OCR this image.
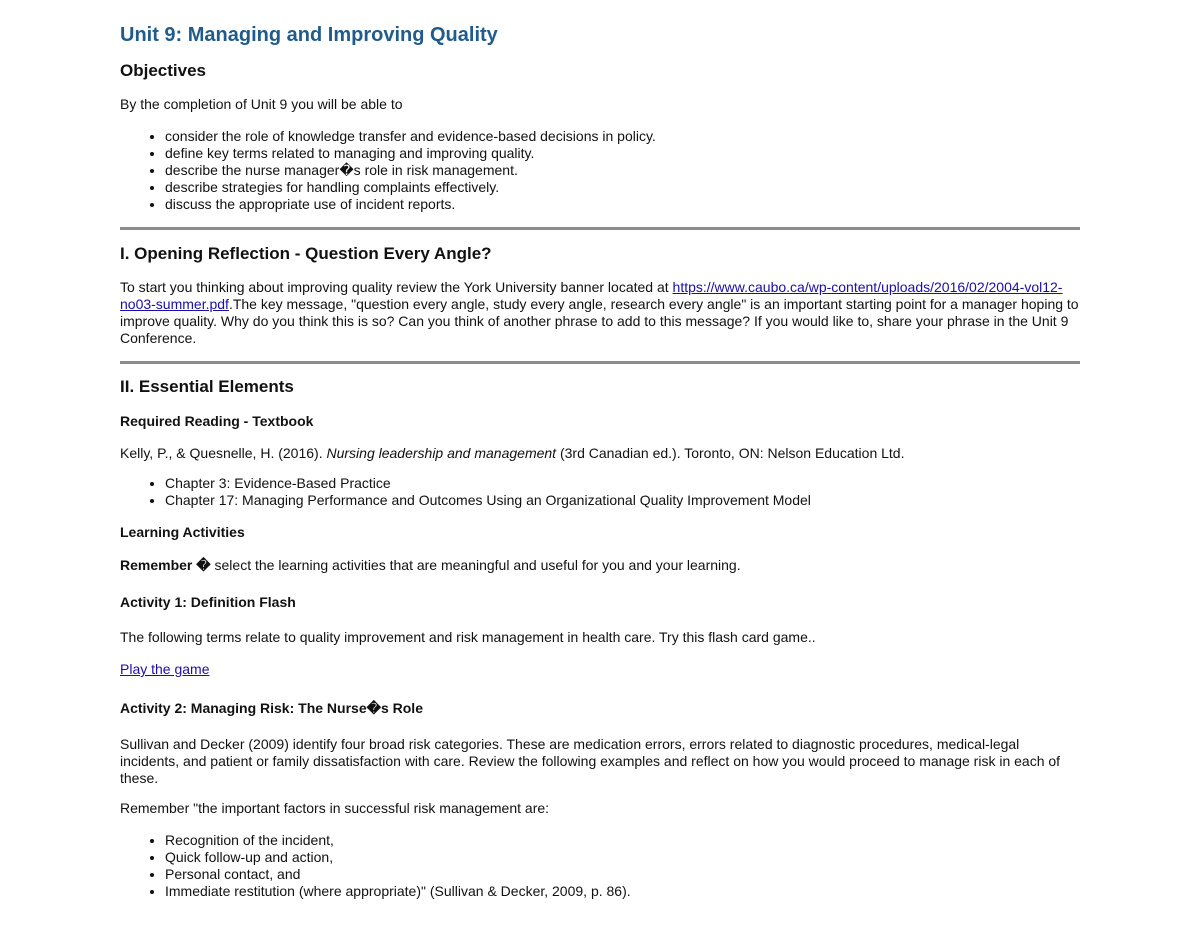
Unit 9: Managing and Improving Quality
Objectives

By the completion of Unit 9 you will be able to

• consider the role of knowledge transfer and evidence-based decisions in policy.
• define key terms related to managing and improving quality.
• describe the nurse manager�s role in risk management.
• describe strategies for handling complaints effectively.
• discuss the appropriate use of incident reports.
I. Opening Reflection - Question Every Angle?

To start you thinking about improving quality review the York University banner located at https://www.caubo.ca/wp-content/uploads/2016/02/2004-vol12-no03-summer.pdf.The key message, "question every angle, study every angle, research every angle" is an important starting point for a manager hoping to improve quality. Why do you think this is so? Can you think of another phrase to add to this message? If you would like to, share your phrase in the Unit 9 Conference.

II. Essential Elements
Required Reading - Textbook

Kelly, P., & Quesnelle, H. (2016). Nursing leadership and management (3rd Canadian ed.). Toronto, ON: Nelson Education Ltd.

• Chapter 3: Evidence-Based Practice
• Chapter 17: Managing Performance and Outcomes Using an Organizational Quality Improvement Model
Learning Activities

Remember � select the learning activities that are meaningful and useful for you and your learning.

Activity 1: Definition Flash

The following terms relate to quality improvement and risk management in health care. Try this flash card game..

Play the game

Activity 2: Managing Risk: The Nurse�s Role

Sullivan and Decker (2009) identify four broad risk categories. These are medication errors, errors related to diagnostic procedures, medical-legal incidents, and patient or family dissatisfaction with care. Review the following examples and reflect on how you would proceed to manage risk in each of these.

Remember "the important factors in successful risk management are:

• Recognition of the incident,
• Quick follow-up and action,
• Personal contact, and
• Immediate restitution (where appropriate)" (Sullivan & Decker, 2009, p. 86).
